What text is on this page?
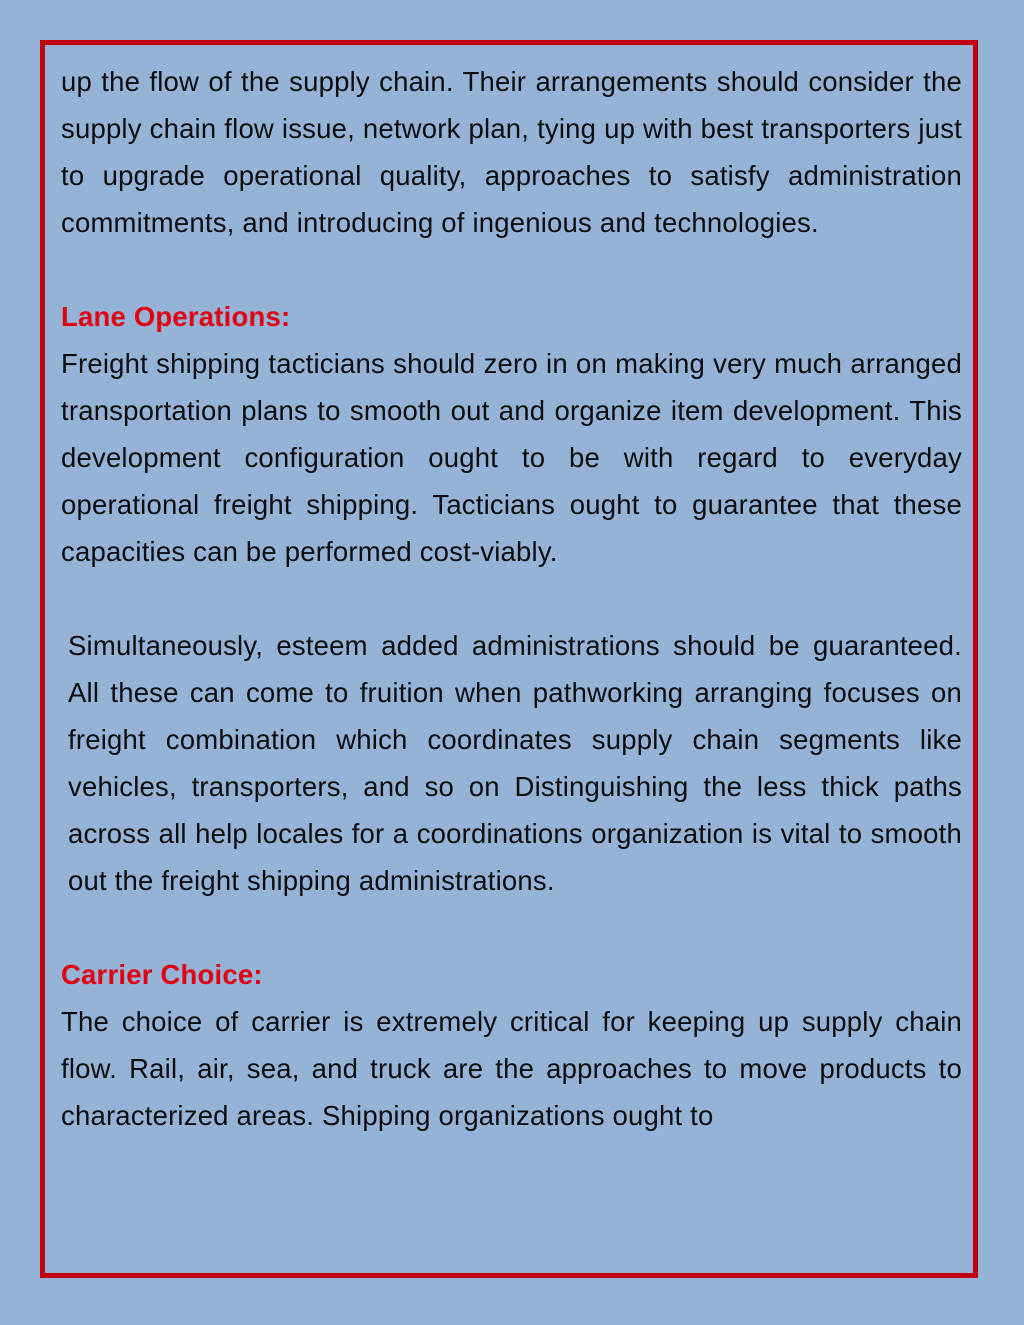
up the flow of the supply chain. Their arrangements should consider the supply chain flow issue, network plan, tying up with best transporters just to upgrade operational quality, approaches to satisfy administration commitments, and introducing of ingenious and technologies.

Lane Operations:

Freight shipping tacticians should zero in on making very much arranged transportation plans to smooth out and organize item development. This development configuration ought to be with regard to everyday operational freight shipping. Tacticians ought to guarantee that these capacities can be performed cost-viably.

Simultaneously, esteem added administrations should be guaranteed. All these can come to fruition when pathworking arranging focuses on freight combination which coordinates supply chain segments like vehicles, transporters, and so on Distinguishing the less thick paths across all help locales for a coordinations organization is vital to smooth out the freight shipping administrations.

Carrier Choice:

The choice of carrier is extremely critical for keeping up supply chain flow. Rail, air, sea, and truck are the approaches to move products to characterized areas. Shipping organizations ought to
